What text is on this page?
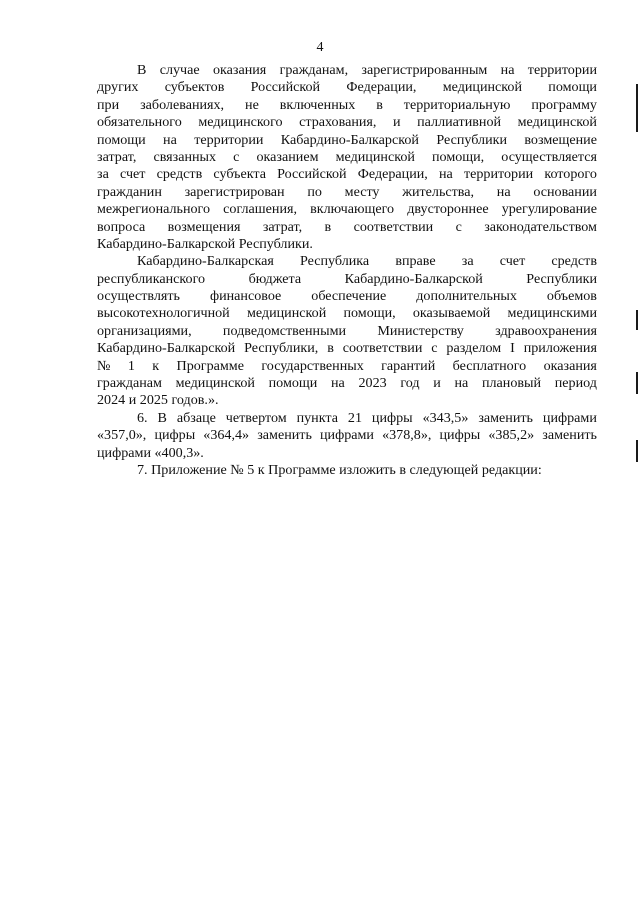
4
В случае оказания гражданам, зарегистрированным на территории
других субъектов Российской Федерации, медицинской помощи
при заболеваниях, не включенных в территориальную программу
обязательного медицинского страхования, и паллиативной медицинской
помощи на территории Кабардино-Балкарской Республики возмещение
затрат, связанных с оказанием медицинской помощи, осуществляется
за счет средств субъекта Российской Федерации, на территории которого
гражданин зарегистрирован по месту жительства, на основании
межрегионального соглашения, включающего двустороннее урегулирование
вопроса возмещения затрат, в соответствии с законодательством
Кабардино-Балкарской Республики.
Кабардино-Балкарская Республика вправе за счет средств
республиканского	бюджета	Кабардино-Балкарской	Республики
осуществлять финансовое обеспечение дополнительных объемов
высокотехнологичной медицинской помощи, оказываемой медицинскими
организациями, подведомственными Министерству здравоохранения
Кабардино-Балкарской Республики, в соответствии с разделом I приложения
№ 1 к Программе государственных гарантий бесплатного оказания
гражданам медицинской помощи на 2023 год и на плановый период
2024 и 2025 годов.».
6. В абзаце четвертом пункта 21 цифры «343,5» заменить цифрами
«357,0», цифры «364,4» заменить цифрами «378,8», цифры «385,2» заменить
цифрами «400,3».
7. Приложение № 5 к Программе изложить в следующей редакции:
